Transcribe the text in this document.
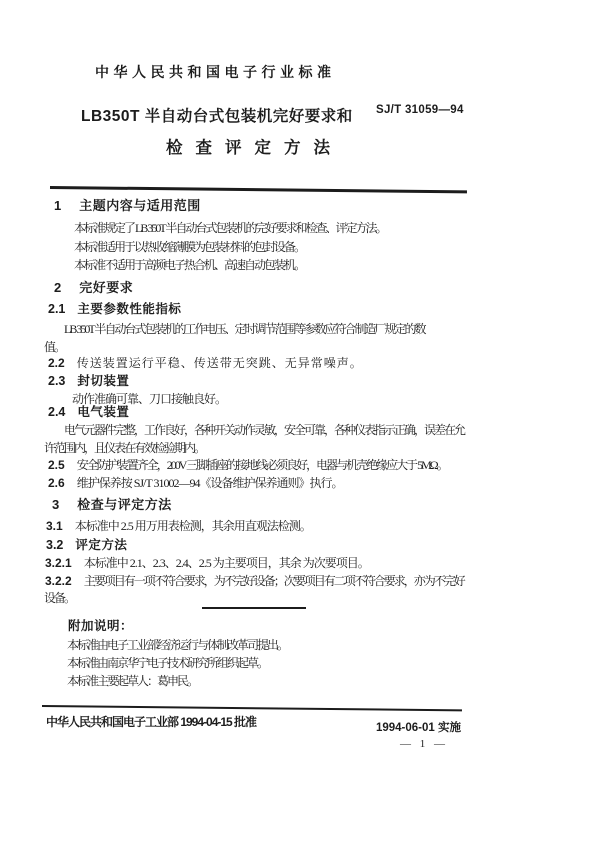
中华人民共和国电子行业标准
LB350T 半自动台式包装机完好要求和 SJ/T 31059—94
检查评定方法
1 主题内容与适用范围
本标准规定了 LB 350T 半自动台式包装机的完好要求和检查、评定方法。
本标准适用于以热收缩薄膜为包装材料的包封设备。
本标准不适用于高频电子热合机、高速自动包装机。
2 完好要求
2.1 主要参数性能指标
LB 350T 半自动台式包装机的工作电压、定时调节范围等参数应符合制造厂规定的数
值。
2.2 传送装置运行平稳、传送带无突跳、无异常噪声。
2.3 封切装置
动作准确可靠、刀口接触良好。
2.4 电气装置
电气元器件完整，工作良好，各种开关动作灵敏，安全可靠，各种仪表指示正确，误差在允
许范围内，且仪表在有效检验期内。
2.5 安全防护装置齐全，200V 三脚插座的接地线必须良好，电器与机壳绝缘应大于 5MΩ。
2.6 维护保养按 SJ/T 31002—94《设备维护保养通则》执行。
3 检查与评定方法
3.1 本标准中 2.5 用万用表检测，其余用直观法检测。
3.2 评定方法
3.2.1 本标准中 2.1、2.3、2.4、2.5 为主要项目，其余 为次要项目。
3.2.2 主要项目有一项不符合要求，为不完好设备；次要项目有二项不符合要求，亦为不完好
设备。
附加说明：
本标准由电子工业部经济运行与体制改革司提出。
本标准由南京华宁电子技术研究所组织起草。
本标准主要起草人：葛申民。
中华人民共和国电子工业部 1994-04-15 批准	1994-06-01 实施
— 1 —
